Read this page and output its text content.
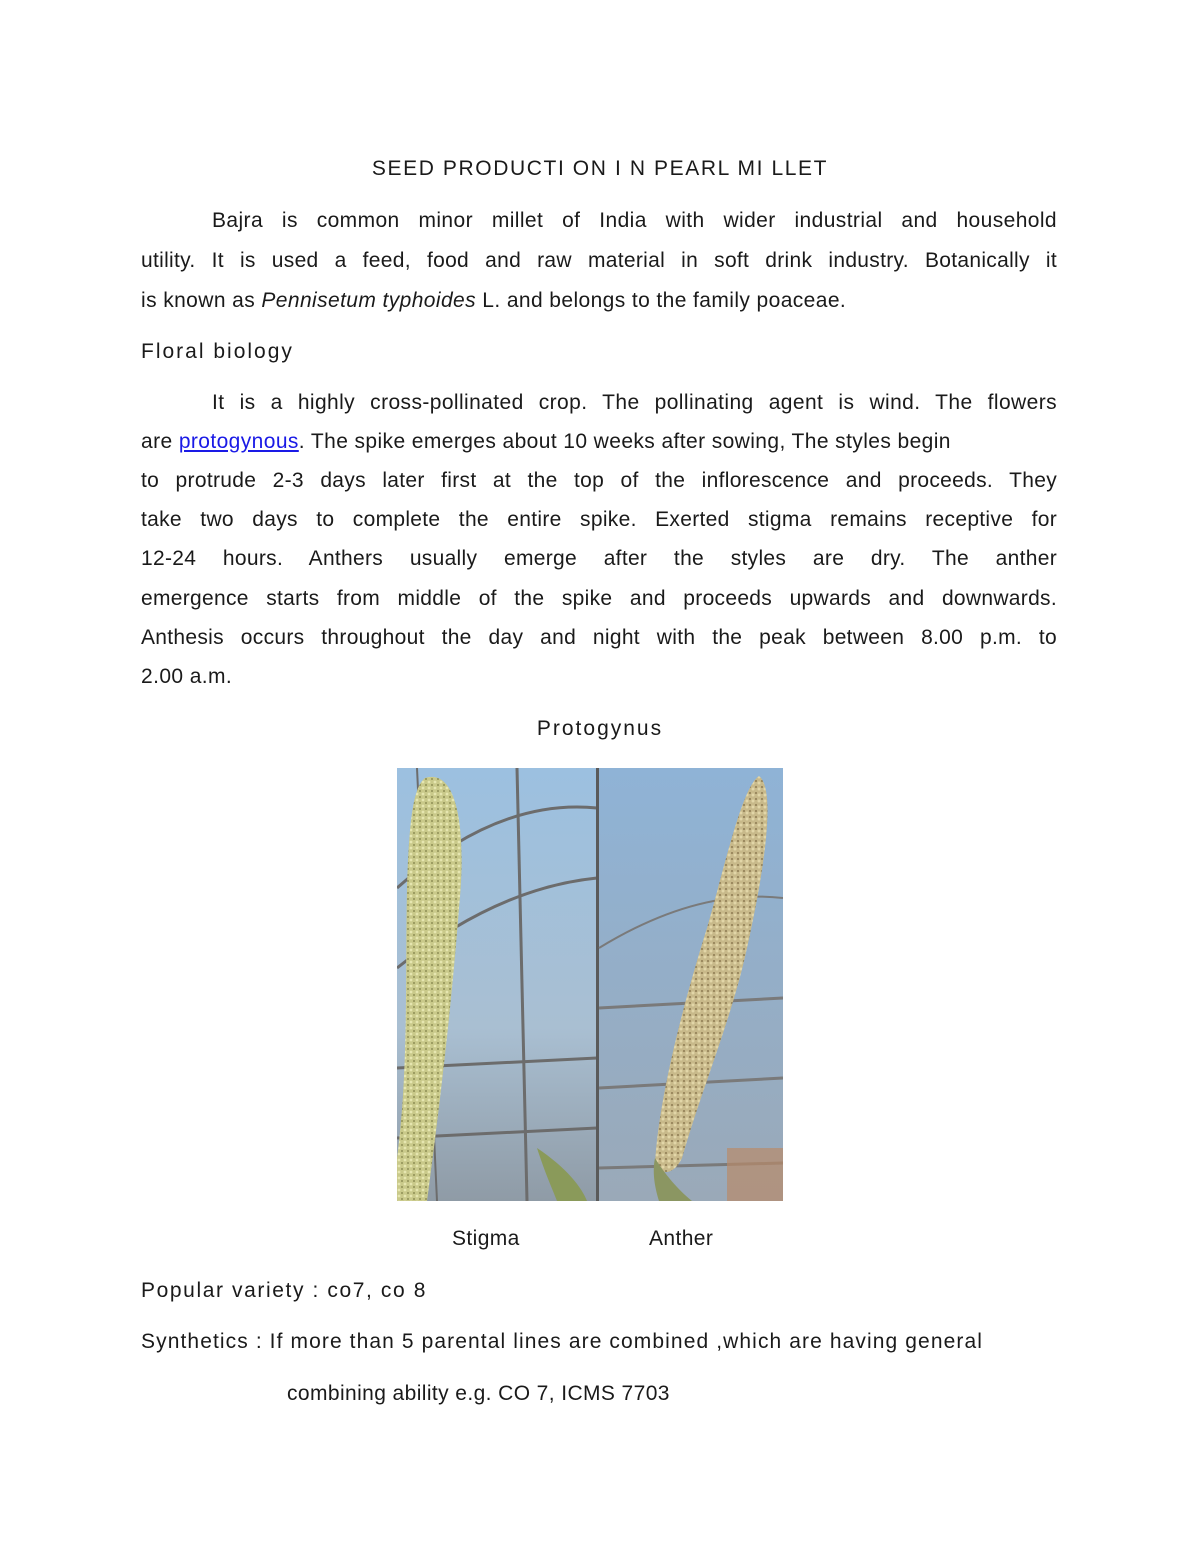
SEED PRODUCTI ON I N PEARL MI LLET
Bajra is common minor millet of India with wider industrial and household
utility. It is used a feed, food and raw material in soft drink industry. Botanically it
is known as Pennisetum typhoides L. and belongs to the family poaceae.
Floral biology
It is a highly cross-pollinated crop. The pollinating agent is wind. The flowers
are protogynous. The spike emerges about 10 weeks after sowing, The styles begin
to protrude 2-3 days later first at the top of the inflorescence and proceeds. They
take two days to complete the entire spike. Exerted stigma remains receptive for
12-24 hours. Anthers usually emerge after the styles are dry. The anther
emergence starts from middle of the spike and proceeds upwards and downwards.
Anthesis occurs throughout the day and night with the peak between 8.00 p.m. to
2.00 a.m.
Protogynus
Stigma	Anther
Popular variety : co7, co 8
Synthetics : If more than 5 parental lines are combined ,which are having general
combining ability e.g. CO 7, ICMS 7703
